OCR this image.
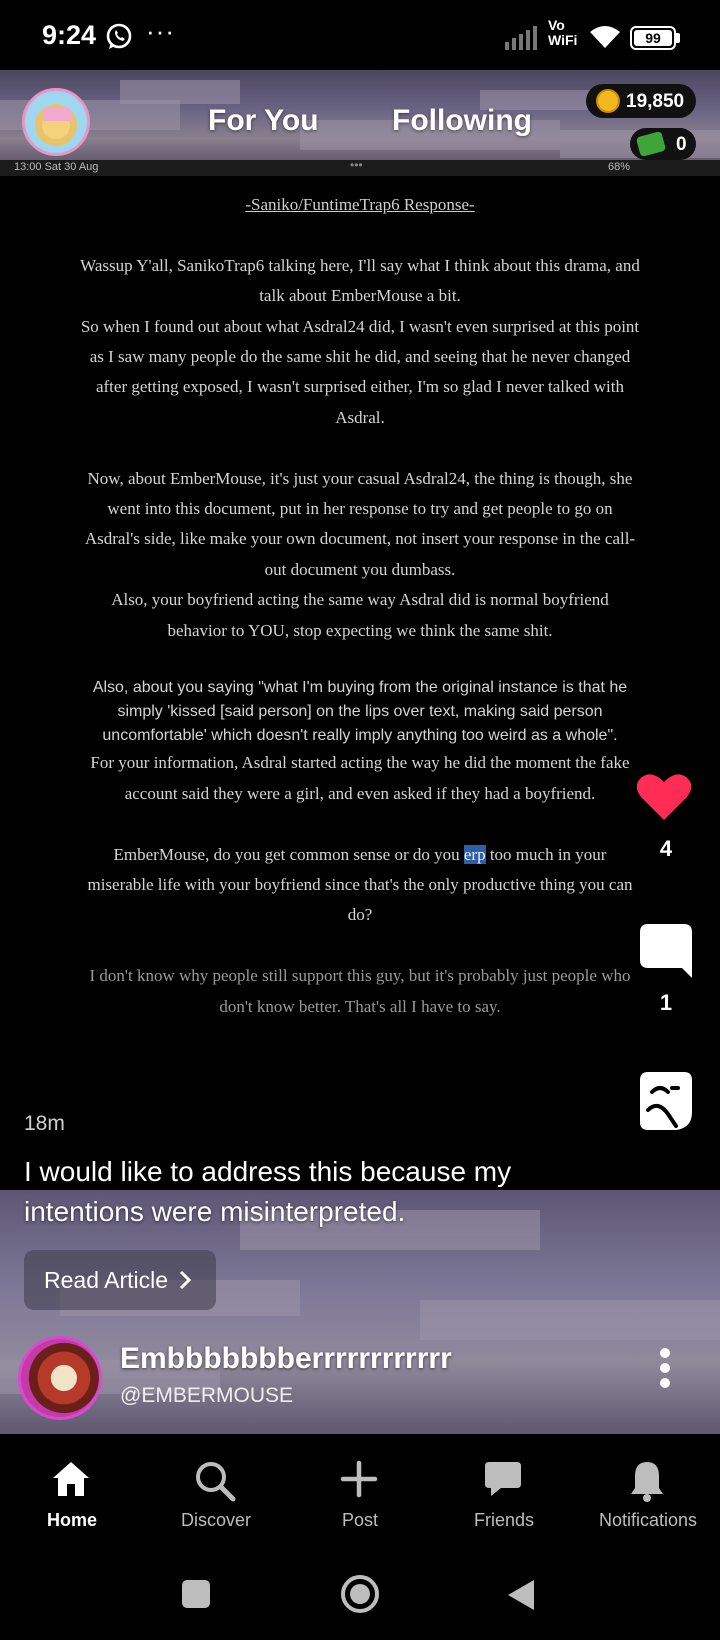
9:24 ···	Vo
WiFi	99
For You Following
19,850
0
13:00 Sat 30 Aug	•••	68%

-Saniko/FuntimeTrap6 Response-

Wassup Y'all, SanikoTrap6 talking here, I'll say what I think about this drama, and talk about EmberMouse a bit.

So when I found out about what Asdral24 did, I wasn't even surprised at this point as I saw many people do the same shit he did, and seeing that he never changed after getting exposed, I wasn't surprised either, I'm so glad I never talked with Asdral.

Now, about EmberMouse, it's just your casual Asdral24, the thing is though, she went into this document, put in her response to try and get people to go on Asdral's side, like make your own document, not insert your response in the call-out document you dumbass.

Also, your boyfriend acting the same way Asdral did is normal boyfriend behavior to YOU, stop expecting we think the same shit.

Also, about you saying "what I'm buying from the original instance is that he simply 'kissed [said person] on the lips over text, making said person uncomfortable' which doesn't really imply anything too weird as a whole".

For your information, Asdral started acting the way he did the moment the fake account said they were a girl, and even asked if they had a boyfriend.

EmberMouse, do you get common sense or do you erp too much in your miserable life with your boyfriend since that's the only productive thing you can do?

I don't know why people still support this guy, but it's probably just people who don't know better. That's all I have to say.

4
1
18m
I would like to address this because my intentions were misinterpreted.
Read Article
Embbbbbbberrrrrrrrrrrr
@EMBERMOUSE
Home	Discover	Post	Friends	Notifications
